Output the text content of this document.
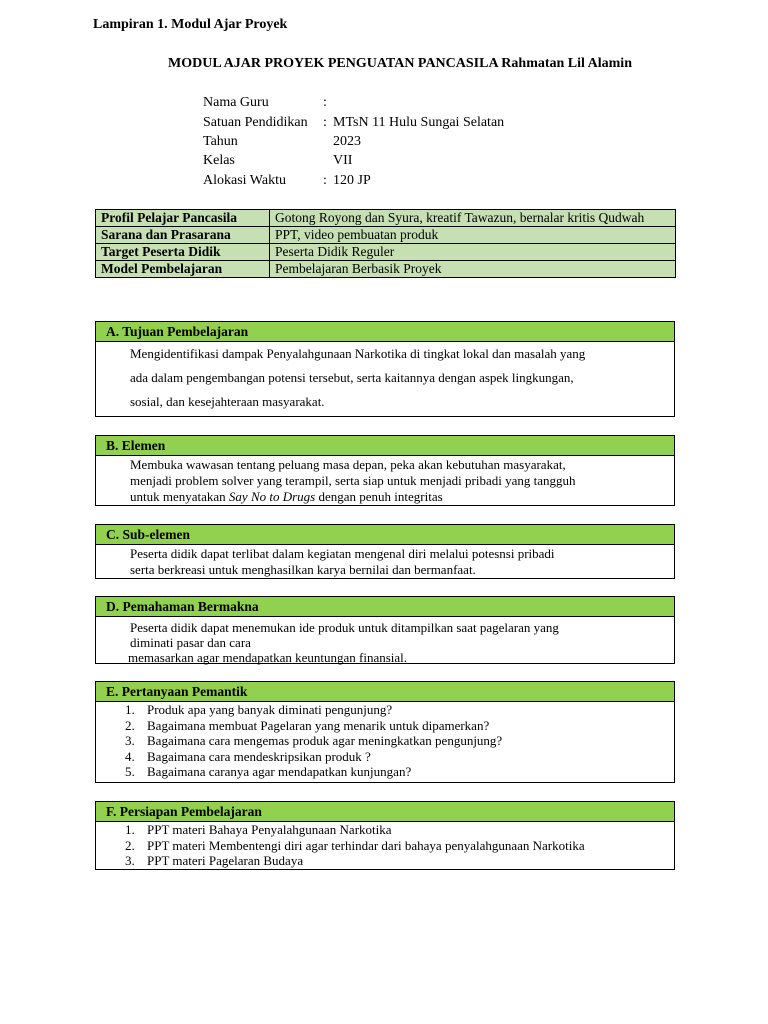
Lampiran 1. Modul Ajar Proyek
MODUL AJAR PROYEK PENGUATAN PANCASILA Rahmatan Lil Alamin
Nama Guru	:
Satuan Pendidikan : MTsN 11 Hulu Sungai Selatan
Tahun	2023
Kelas	VII
Alokasi Waktu	: 120 JP
Profil Pelajar Pancasila	Gotong Royong dan Syura, kreatif Tawazun, bernalar kritis Qudwah
Sarana dan Prasarana	PPT, video pembuatan produk
Target Peserta Didik	Peserta Didik Reguler
Model Pembelajaran	Pembelajaran Berbasik Proyek
A. Tujuan Pembelajaran

Mengidentifikasi dampak Penyalahgunaan Narkotika di tingkat lokal dan masalah yang

ada dalam pengembangan potensi tersebut, serta kaitannya dengan aspek lingkungan,

sosial, dan kesejahteraan masyarakat.

B. Elemen

Membuka wawasan tentang peluang masa depan, peka akan kebutuhan masyarakat,

menjadi problem solver yang terampil, serta siap untuk menjadi pribadi yang tangguh

untuk menyatakan Say No to Drugs dengan penuh integritas

C. Sub-elemen

Peserta didik dapat terlibat dalam kegiatan mengenal diri melalui potesnsi pribadi

serta berkreasi untuk menghasilkan karya bernilai dan bermanfaat.

D. Pemahaman Bermakna

Peserta didik dapat menemukan ide produk untuk ditampilkan saat pagelaran yang

diminati pasar dan cara

memasarkan agar mendapatkan keuntungan finansial.

E. Pertanyaan Pemantik
1. Produk apa yang banyak diminati pengunjung?
2. Bagaimana membuat Pagelaran yang menarik untuk dipamerkan?
3. Bagaimana cara mengemas produk agar meningkatkan pengunjung?
4. Bagaimana cara mendeskripsikan produk ?
5. Bagaimana caranya agar mendapatkan kunjungan?
F. Persiapan Pembelajaran
1. PPT materi Bahaya Penyalahgunaan Narkotika
2. PPT materi Membentengi diri agar terhindar dari bahaya penyalahgunaan Narkotika
3. PPT materi Pagelaran Budaya
